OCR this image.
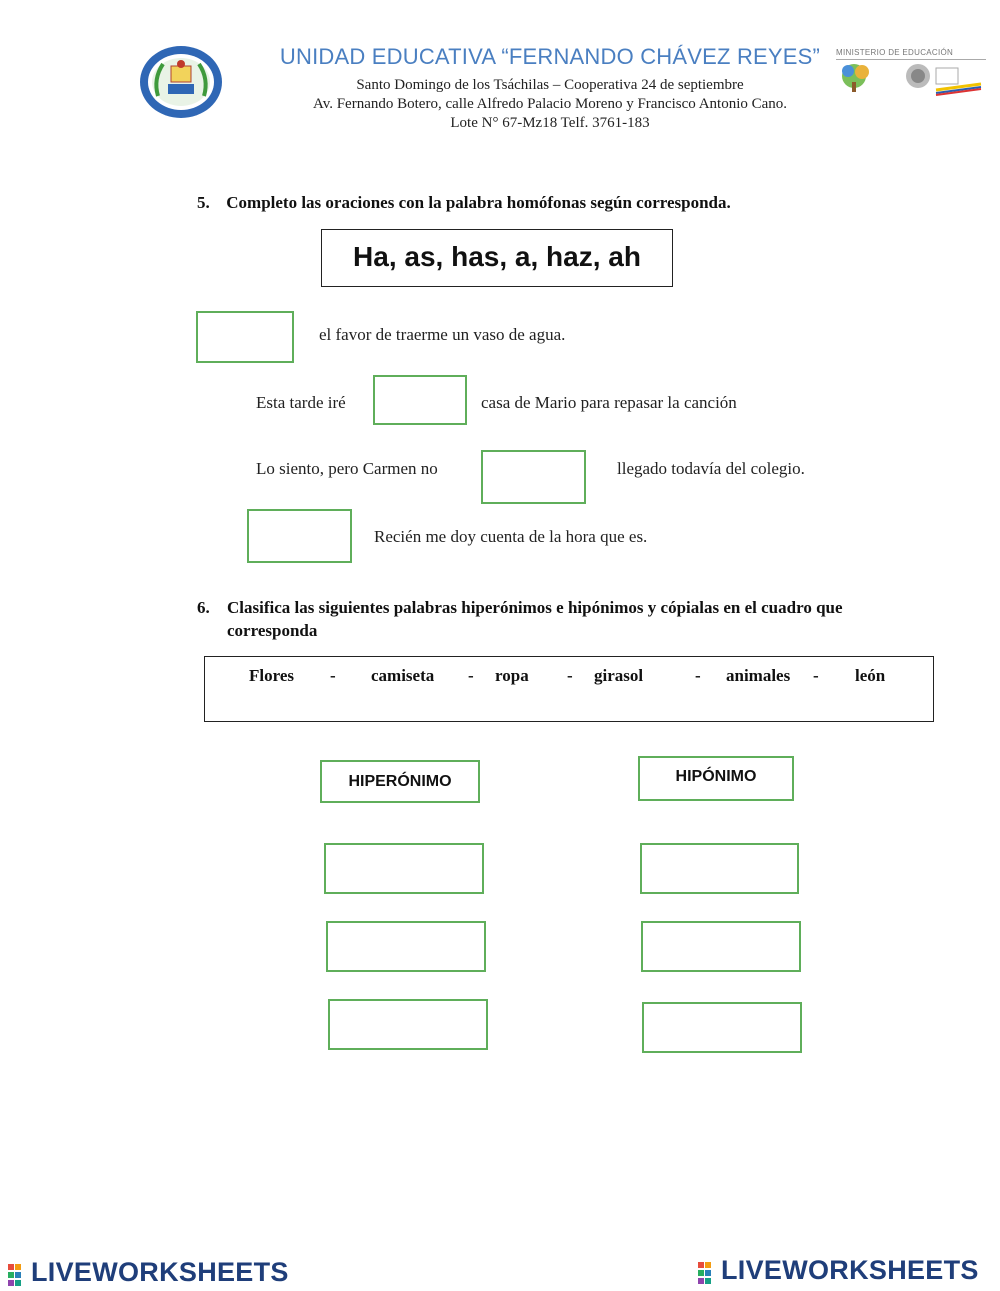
UNIDAD EDUCATIVA “FERNANDO CHÁVEZ REYES”
Santo Domingo de los Tsáchilas – Cooperativa 24 de septiembre
Av. Fernando Botero, calle Alfredo Palacio Moreno y Francisco Antonio Cano.
Lote N° 67-Mz18 Telf. 3761-183
MINISTERIO DE EDUCACIÓN
5. Completo las oraciones con la palabra homófonas según corresponda.
Ha, as, has, a, haz, ah
el favor de traerme un vaso de agua.
Esta tarde iré	casa de Mario para repasar la canción
Lo siento, pero Carmen no	llegado todavía del colegio.
Recién me doy cuenta de la hora que es.
6. Clasifica las siguientes palabras hiperónimos e hipónimos y cópialas en el cuadro que
corresponda
Flores - camiseta - ropa - girasol	- animales - león
HIPERÓNIMO	HIPÓNIMO
LIVEWORKSHEETS	LIVEWORKSHEETS
